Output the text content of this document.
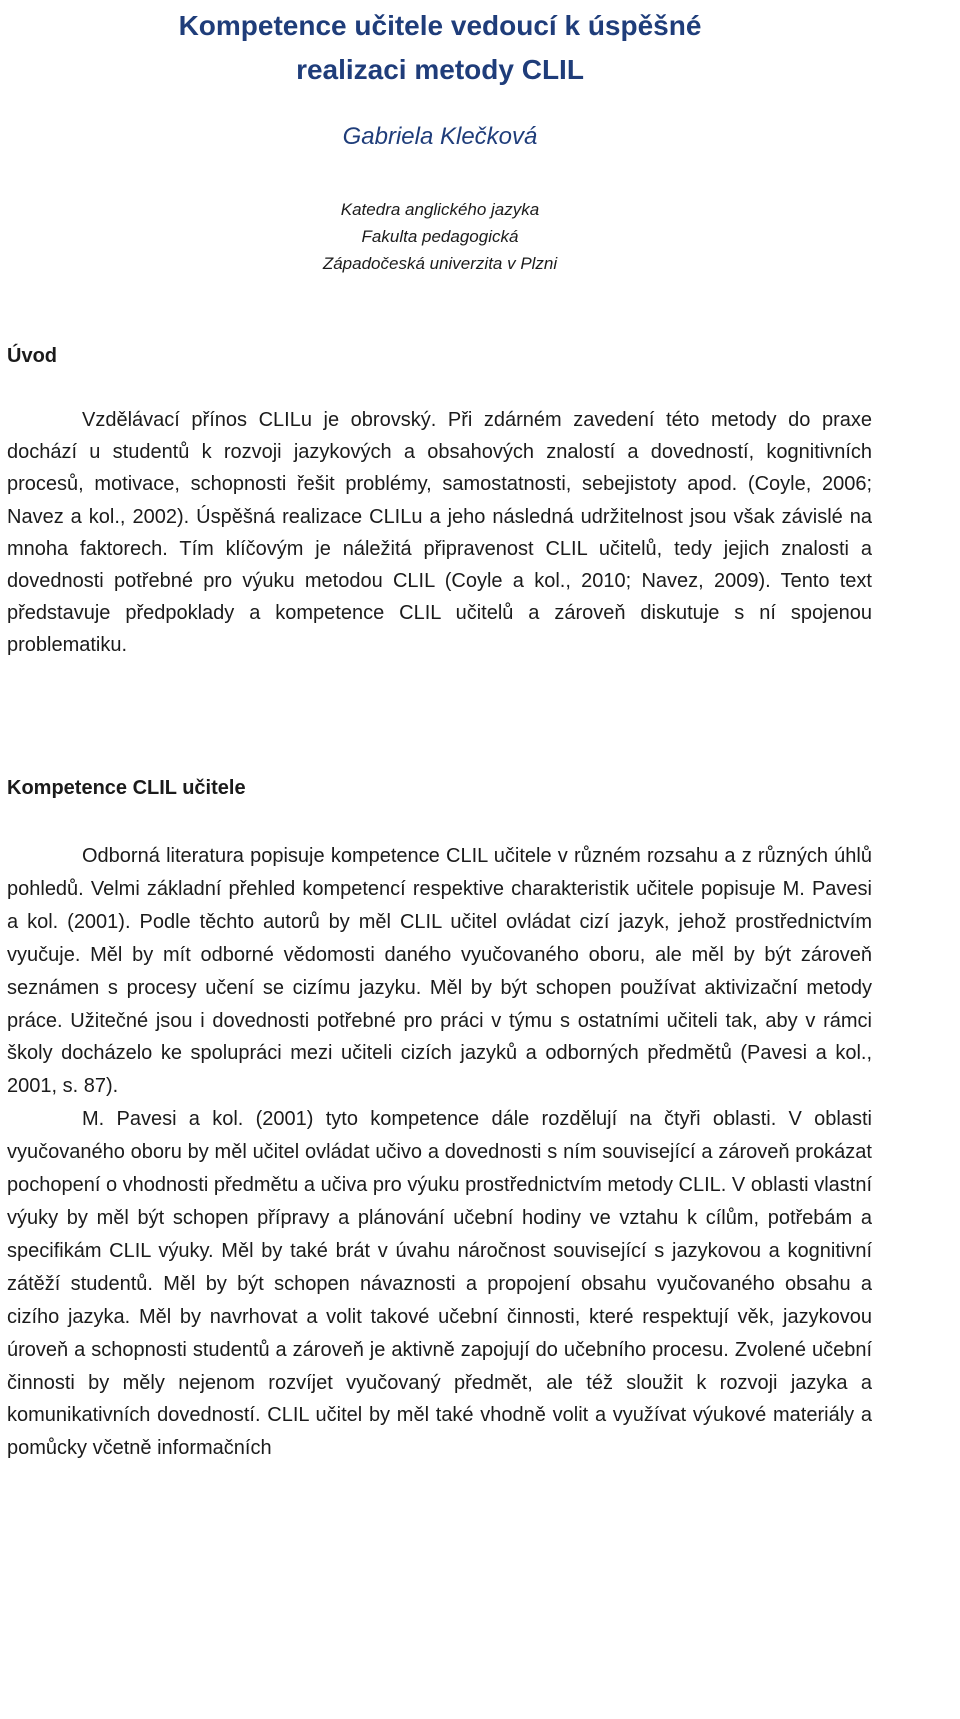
Kompetence učitele vedoucí k úspěšné
realizaci metody CLIL
Gabriela Klečková
Katedra anglického jazyka
Fakulta pedagogická
Západočeská univerzita v Plzni
Úvod

Vzdělávací přínos CLILu je obrovský. Při zdárném zavedení této metody do praxe dochází u studentů k rozvoji jazykových a obsahových znalostí a dovedností, kognitivních procesů, motivace, schopnosti řešit problémy, samostatnosti, sebejistoty apod. (Coyle, 2006; Navez a kol., 2002). Úspěšná realizace CLILu a jeho následná udržitelnost jsou však závislé na mnoha faktorech. Tím klíčovým je náležitá připravenost CLIL učitelů, tedy jejich znalosti a dovednosti potřebné pro výuku metodou CLIL (Coyle a kol., 2010; Navez, 2009). Tento text představuje předpoklady a kompetence CLIL učitelů a zároveň diskutuje s ní spojenou problematiku.

Kompetence CLIL učitele

Odborná literatura popisuje kompetence CLIL učitele v různém rozsahu a z různých úhlů pohledů. Velmi základní přehled kompetencí respektive charakteristik učitele popisuje M. Pavesi a kol. (2001). Podle těchto autorů by měl CLIL učitel ovládat cizí jazyk, jehož prostřednictvím vyučuje. Měl by mít odborné vědomosti daného vyučovaného oboru, ale měl by být zároveň seznámen s procesy učení se cizímu jazyku. Měl by být schopen používat aktivizační metody práce. Užitečné jsou i dovednosti potřebné pro práci v týmu s ostatními učiteli tak, aby v rámci školy docházelo ke spolupráci mezi učiteli cizích jazyků a odborných předmětů (Pavesi a kol., 2001, s. 87).

M. Pavesi a kol. (2001) tyto kompetence dále rozdělují na čtyři oblasti. V oblasti vyučovaného oboru by měl učitel ovládat učivo a dovednosti s ním související a zároveň prokázat pochopení o vhodnosti předmětu a učiva pro výuku prostřednictvím metody CLIL. V oblasti vlastní výuky by měl být schopen přípravy a plánování učební hodiny ve vztahu k cílům, potřebám a specifikám CLIL výuky. Měl by také brát v úvahu náročnost související s jazykovou a kognitivní zátěží studentů. Měl by být schopen návaznosti a propojení obsahu vyučovaného obsahu a cizího jazyka. Měl by navrhovat a volit takové učební činnosti, které respektují věk, jazykovou úroveň a schopnosti studentů a zároveň je aktivně zapojují do učebního procesu. Zvolené učební činnosti by měly nejenom rozvíjet vyučovaný předmět, ale též sloužit k rozvoji jazyka a komunikativních dovedností. CLIL učitel by měl také vhodně volit a využívat výukové materiály a pomůcky včetně informačních
